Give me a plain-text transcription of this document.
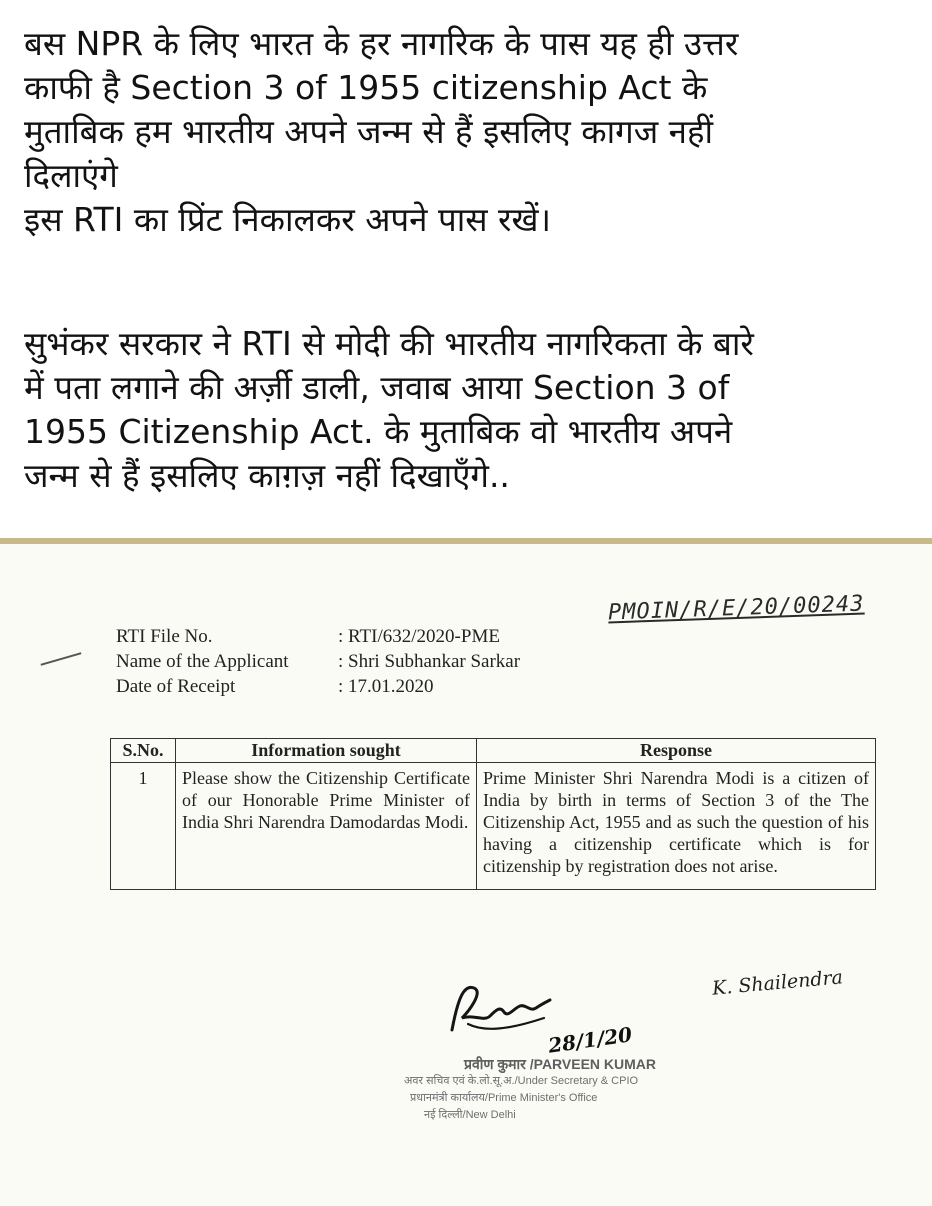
बस NPR के लिए भारत के हर नागरिक के पास यह ही उत्तर
काफी है Section 3 of 1955 citizenship Act के
मुताबिक हम भारतीय अपने जन्म से हैं इसलिए कागज नहीं
दिलाएंगे
इस RTI का प्रिंट निकालकर अपने पास रखें।
सुभंकर सरकार ने RTI से मोदी की भारतीय नागरिकता के बारे
में पता लगाने की अर्ज़ी डाली, जवाब आया Section 3 of
1955 Citizenship Act. के मुताबिक वो भारतीय अपने
जन्म से हैं इसलिए काग़ज़ नहीं दिखाएँगे..
PMOIN/R/E/20/00243
RTI File No.	: RTI/632/2020-PME
Name of the Applicant	: Shri Subhankar Sarkar
Date of Receipt	: 17.01.2020
S.No.	Information sought	Response
1	Please show the Citizenship Certificate of our Honorable Prime Minister of India Shri Narendra Damodardas Modi.	Prime Minister Shri Narendra Modi is a citizen of India by birth in terms of Section 3 of the The Citizenship Act, 1955 and as such the question of his having a citizenship certificate which is for citizenship by registration does not arise.
K. Shailendra
28/1/20
प्रवीण कुमार /PARVEEN KUMAR
अवर सचिव एवं के.लो.सू.अ./Under Secretary & CPIO
प्रधानमंत्री कार्यालय/Prime Minister's Office
नई दिल्ली/New Delhi
